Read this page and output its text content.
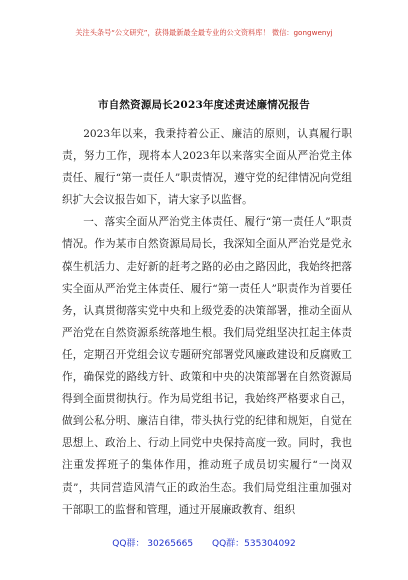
关注头条号“公文研究”，获得最新最全最专业的公文资料库！ 微信：gongwenyj
市自然资源局长2023年度述责述廉情况报告

2023年以来，我秉持着公正、廉洁的原则，认真履行职责，努力工作，现将本人2023年以来落实全面从严治党主体责任、履行“第一责任人”职责情况，遵守党的纪律情况向党组织扩大会议报告如下，请大家予以监督。

一、落实全面从严治党主体责任、履行“第一责任人”职责情况。作为某市自然资源局局长，我深知全面从严治党是党永葆生机活力、走好新的赶考之路的必由之路因此，我始终把落实全面从严治党主体责任、履行“第一责任人”职责作为首要任务，认真贯彻落实党中央和上级党委的决策部署，推动全面从严治党在自然资源系统落地生根。我们局党组坚决扛起主体责任，定期召开党组会议专题研究部署党风廉政建设和反腐败工作，确保党的路线方针、政策和中央的决策部署在自然资源局得到全面贯彻执行。作为局党组书记，我始终严格要求自己，做到公私分明、廉洁自律，带头执行党的纪律和规矩，自觉在思想上、政治上、行动上同党中央保持高度一致。同时，我也注重发挥班子的集体作用，推动班子成员切实履行“一岗双责”，共同营造风清气正的政治生态。我们局党组注重加强对干部职工的监督和管理，通过开展廉政教育、组织

QQ群： 30265665 QQ群：535304092
